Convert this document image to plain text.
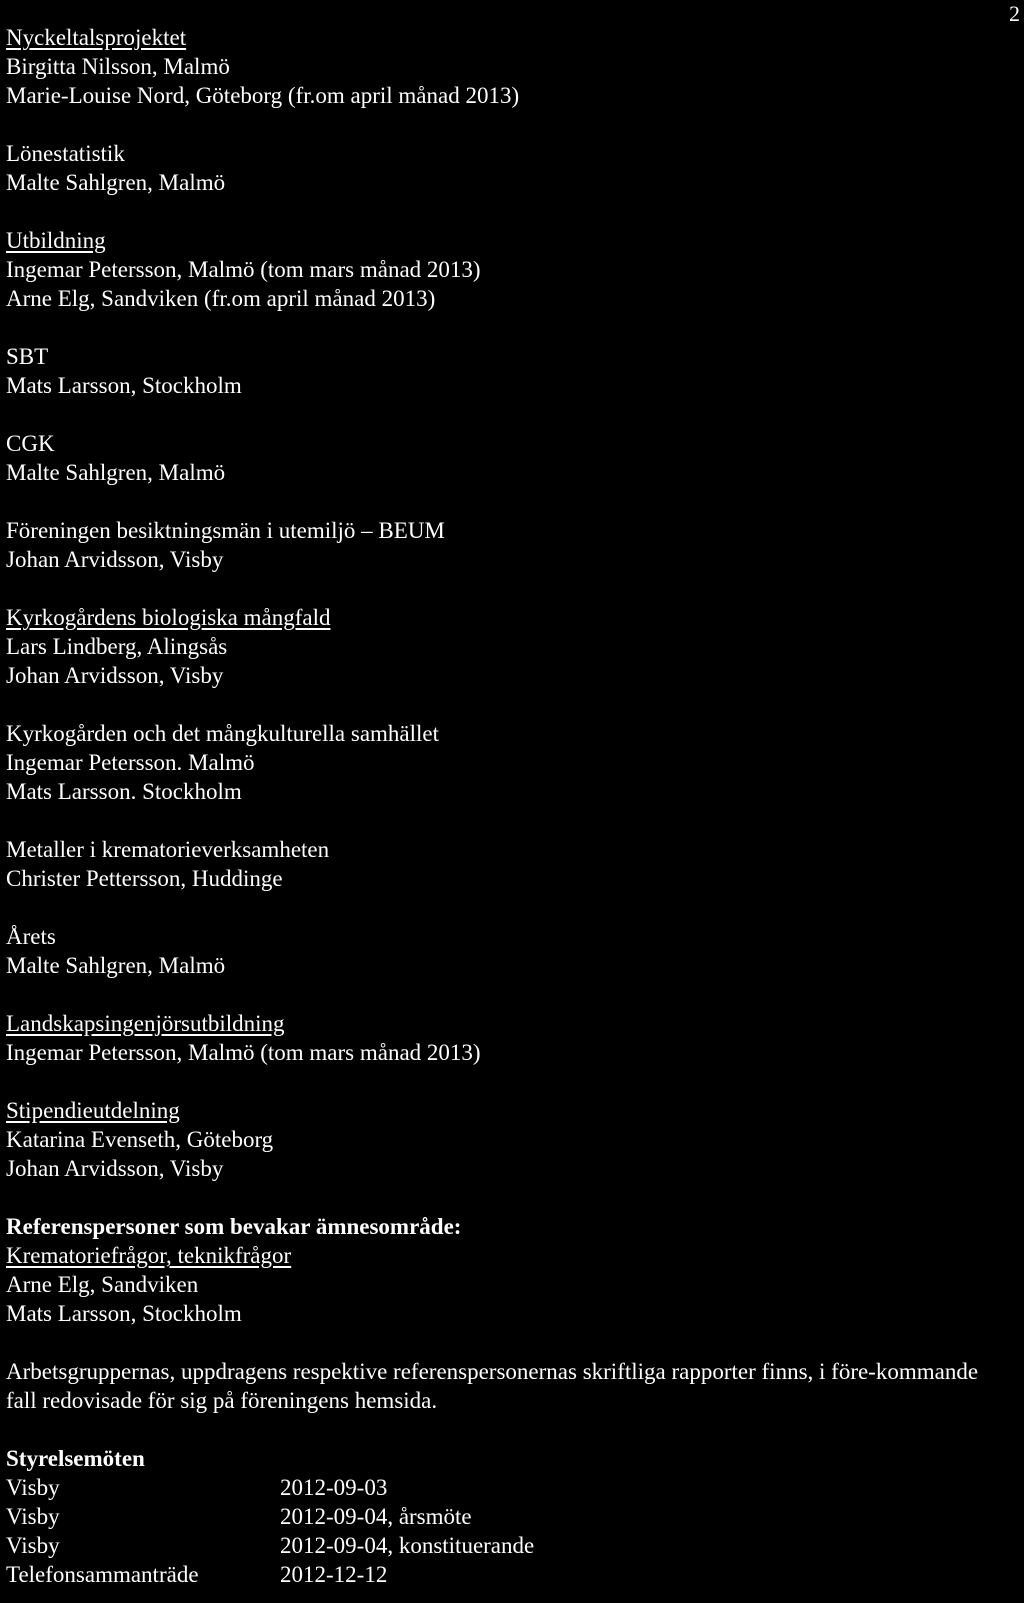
2
Nyckeltalsprojektet
Birgitta Nilsson, Malmö
Marie-Louise Nord, Göteborg (fr.om april månad 2013)
Lönestatistik
Malte Sahlgren, Malmö
Utbildning
Ingemar Petersson, Malmö (tom mars månad 2013)
Arne Elg, Sandviken (fr.om april månad 2013)
SBT
Mats Larsson, Stockholm
CGK
Malte Sahlgren, Malmö
Föreningen besiktningsmän i utemiljö – BEUM
Johan Arvidsson, Visby
Kyrkogårdens biologiska mångfald
Lars Lindberg, Alingsås
Johan Arvidsson, Visby
Kyrkogården och det mångkulturella samhället
Ingemar Petersson. Malmö
Mats Larsson. Stockholm
Metaller i krematorieverksamheten
Christer Pettersson, Huddinge
Årets
Malte Sahlgren, Malmö
Landskapsingenjörsutbildning
Ingemar Petersson, Malmö (tom mars månad 2013)
Stipendieutdelning
Katarina Evenseth, Göteborg
Johan Arvidsson, Visby
Referenspersoner som bevakar ämnesområde:
Krematoriefrågor, teknikfrågor
Arne Elg, Sandviken
Mats Larsson, Stockholm
Arbetsgruppernas, uppdragens respektive referenspersonernas skriftliga rapporter finns, i före-kommande fall redovisade för sig på föreningens hemsida.
Styrelsemöten
Visby	2012-09-03
Visby	2012-09-04, årsmöte
Visby	2012-09-04, konstituerande
Telefonsammanträde	2012-12-12
